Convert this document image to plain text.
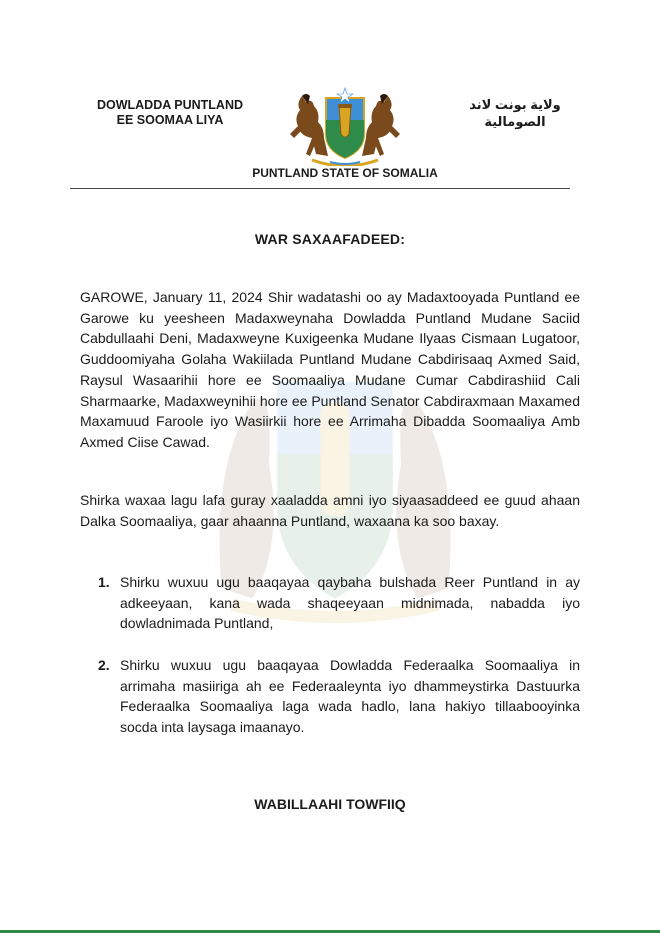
DOWLADDA PUNTLAND
EE SOOMAA LIYA
ولاية بونت لاند
الصومالية
PUNTLAND STATE OF SOMALIA
WAR SAXAAFADEED:

GAROWE, January 11, 2024 Shir wadatashi oo ay Madaxtooyada Puntland ee Garowe ku yeesheen Madaxweynaha Dowladda Puntland Mudane Saciid Cabdullaahi Deni, Madaxweyne Kuxigeenka Mudane Ilyaas Cismaan Lugatoor, Guddoomiyaha Golaha Wakiilada Puntland Mudane Cabdirisaaq Axmed Said, Raysul Wasaarihii hore ee Soomaaliya Mudane Cumar Cabdirashiid Cali Sharmaarke, Madaxweynihii hore ee Puntland Senator Cabdiraxmaan Maxamed Maxamuud Faroole iyo Wasiirkii hore ee Arrimaha Dibadda Soomaaliya Amb Axmed Ciise Cawad.

Shirka waxaa lagu lafa guray xaaladda amni iyo siyaasaddeed ee guud ahaan Dalka Soomaaliya, gaar ahaanna Puntland, waxaana ka soo baxay.

1. Shirku wuxuu ugu baaqayaa qaybaha bulshada Reer Puntland in ay adkeeyaan, kana wada shaqeeyaan midnimada, nabadda iyo dowladnimada Puntland,
2. Shirku wuxuu ugu baaqayaa Dowladda Federaalka Soomaaliya in arrimaha masiiriga ah ee Federaaleynta iyo dhammeystirka Dastuurka Federaalka Soomaaliya laga wada hadlo, lana hakiyo tillaabooyinka socda inta laysaga imaanayo.
WABILLAAHI TOWFIIQ
